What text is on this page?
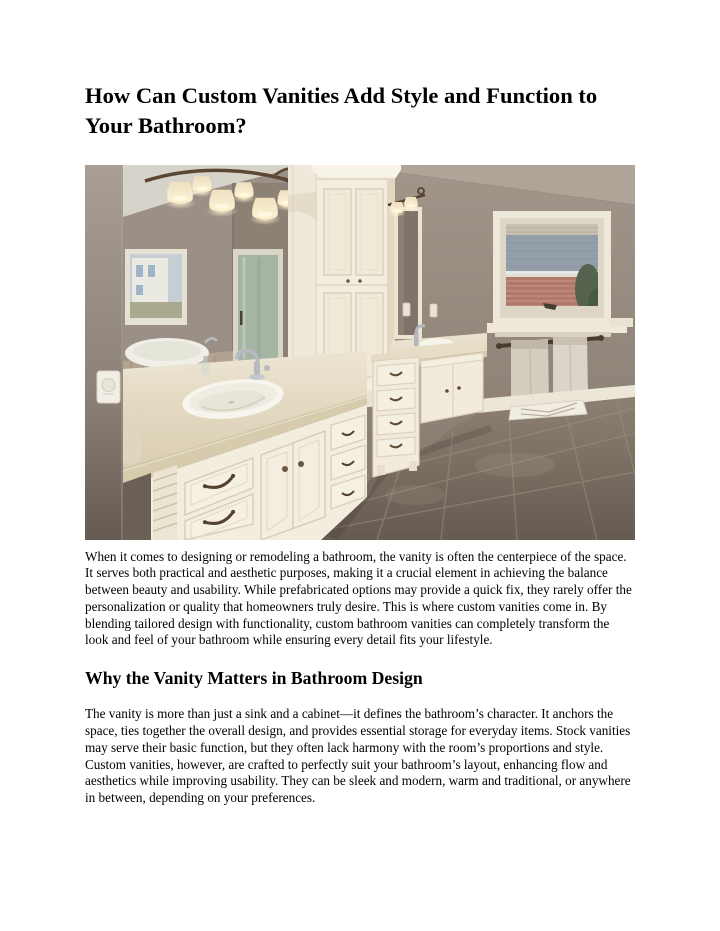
How Can Custom Vanities Add Style and Function to Your Bathroom?

When it comes to designing or remodeling a bathroom, the vanity is often the centerpiece of the space. It serves both practical and aesthetic purposes, making it a crucial element in achieving the balance between beauty and usability. While prefabricated options may provide a quick fix, they rarely offer the personalization or quality that homeowners truly desire. This is where custom vanities come in. By blending tailored design with functionality, custom bathroom vanities can completely transform the look and feel of your bathroom while ensuring every detail fits your lifestyle.

Why the Vanity Matters in Bathroom Design

The vanity is more than just a sink and a cabinet—it defines the bathroom’s character. It anchors the space, ties together the overall design, and provides essential storage for everyday items. Stock vanities may serve their basic function, but they often lack harmony with the room’s proportions and style. Custom vanities, however, are crafted to perfectly suit your bathroom’s layout, enhancing flow and aesthetics while improving usability. They can be sleek and modern, warm and traditional, or anywhere in between, depending on your preferences.
